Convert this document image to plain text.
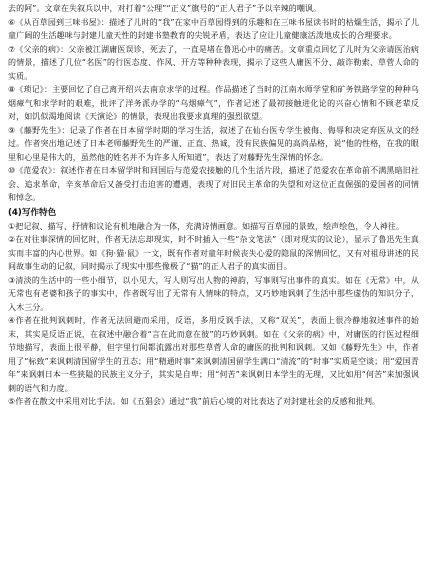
去的阿”。文章在失叙兵以中，对打着“公理”“正义”旗号的“正人君子”予以辛辣的嘲讽。

⑥《从百草园到三味书屋》：描述了儿时的“我”在家中百草园得到的乐趣和在三味书屋读书时的枯燥生活，揭示了儿童广阔的生活趣味与封建儿童天性的封建书塾教育的尖锐矛盾，表达了应让儿童健康活泼地成长的合理要求。

⑦《父亲的病》：父亲被江湖庸医误诊，死去了，一直是堵在鲁迅心中的痛苦。文章重点回忆了儿时为父亲请医治病的情景，描述了几位“名医”的行医态度、作风、开方等种种表现，揭示了这些人庸医不分、敲诈勒索、草菅人命的实质。

⑧《琐记》：主要回忆了自己离开绍兴去南京求学的过程。作品描述了当时的江南水师学堂和矿务铁路学堂的种种乌烟瘴气和求学时的艰难，批评了洋务派办学的“乌烟瘴气”，作者记述了最初接触进化论的兴奋心情和不顾老辈反对，如饥似渴地阅读《天演论》的情景，表现出我要求真理的强烈欲望。

⑨《藤野先生》：记录了作者在日本留学时期的学习生活，叙述了在仙台医专学生被侮、侮辱和决定弃医从文的经过。作者突出地记述了日本老师藤野先生的严谨、正直、热诚，没有民族偏见的高尚品格，说“他的性格，在我的眼里和心里是伟大的，虽然他的姓名并不为许多人所知道”，表达了对藤野先生深情的怀念。

⑩《范爱农》：叙述作者在日本留学时和回国后与范爱农接触的几个生活片段，描述了范爱农在革命前不满黑暗旧社会、追求革命，辛亥革命后又备受打击迫害的遭遇，表现了对旧民主革命的失望和对这位正直倔强的爱国者的同情和悼念。

(4)写作特色

①把记叙、描写、抒情和议论有机地融合为一体，充满诗情画意。如描写百草园的景致，绘声绘色，令人神往。

②在对往事深情的回忆时，作者无法忘却现实，时不时插入一些“杂文笔法”（即对现实的议论），显示了鲁迅先生真实而丰富的内心世界。如《狗·猫·鼠》一文，既有作者对童年时候丧失心爱的隐鼠的深情回忆，又有对祖母讲述的民间故事生动的记叙，同时揭示了现实中那些像极了“猫”的正人君子的真实面目。

③清淡的生活中的一些小细节，以小见大，写人则写出人物的神韵，写事则写出事件的真实。如在《无常》中，从无常也有老婆和孩子的事实中，作者既写出了无常有人情味的特点，又巧妙地讽刺了生活中那些虚伪的知识分子，入木三分。

④作者在批判讽刺时，作者无法回避而采用，反语，多用反讽手法，又称“双关”，表面上很冷静地叙述事件的始末，其实是反语正说，在叙述中融合着“言在此而意在彼”的巧妙讽刺。如在《父亲的病》中，对庸医的行医过程细节地描写，表面上很平静，但字里行间都流露出对那些草菅人命的庸医的批判和讽刺。又如《藤野先生》中，作者用了“标致”来讽刺清国留学生的丑态；用“精通时事”来讽刺清国留学生满口“清流”的“时事”实质是空谈；用“爱国青年”来讽刺日本一些狭隘的民族主义分子，其实是自卑；用“何苦”来讽刺日本学生的无理，又比如用“何苦”来加强讽刺的语气和力度。

⑤作者在散文中采用对比手法。如《五猖会》通过“我”前后心境的对比表达了对封建社会的反感和批判。
